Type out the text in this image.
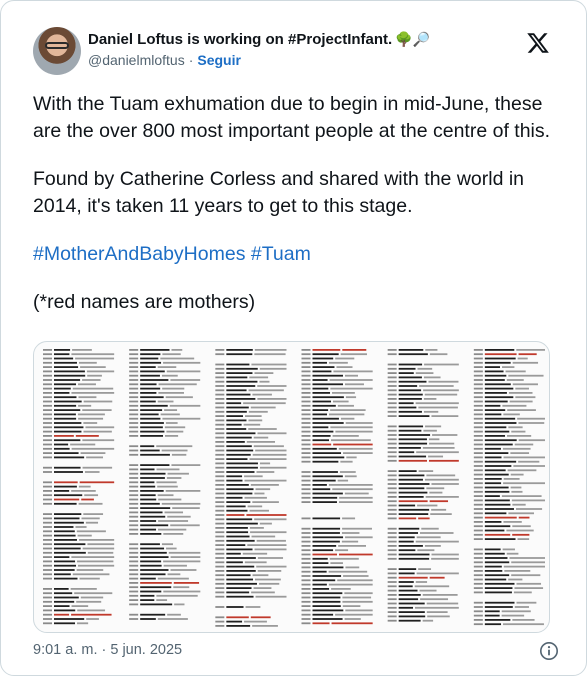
Daniel Loftus is working on #ProjectInfant. 🌳🔎
@danielmloftus · Seguir

With the Tuam exhumation due to begin in mid-June, these are the over 800 most important people at the centre of this.

Found by Catherine Corless and shared with the world in 2014, it's taken 11 years to get to this stage.

#MotherAndBabyHomes #Tuam

(*red names are mothers)

9:01 a. m. · 5 jun. 2025
